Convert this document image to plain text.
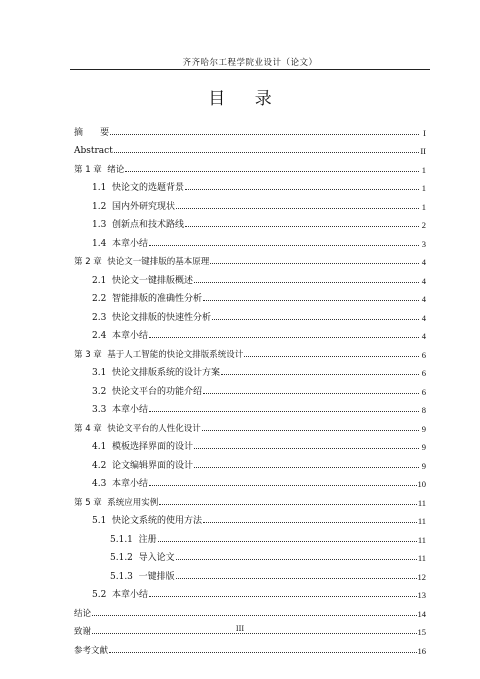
齐齐哈尔工程学院业设计（论文）
目 录
摘      要	I
Abstract	II
第 1 章  绪论	1
1.1  快论文的选题背景	1
1.2  国内外研究现状	1
1.3  创新点和技术路线	2
1.4  本章小结	3
第 2 章  快论文一键排版的基本原理	4
2.1  快论文一键排版概述	4
2.2  智能排版的准确性分析	4
2.3  快论文排版的快速性分析	4
2.4  本章小结	4
第 3 章  基于人工智能的快论文排版系统设计	6
3.1  快论文排版系统的设计方案	6
3.2  快论文平台的功能介绍	6
3.3  本章小结	8
第 4 章  快论文平台的人性化设计	9
4.1  模板选择界面的设计	9
4.2  论文编辑界面的设计	9
4.3  本章小结	10
第 5 章  系统应用实例	11
5.1  快论文系统的使用方法	11
5.1.1  注册	11
5.1.2  导入论文	11
5.1.3  一键排版	12
5.2  本章小结	13
结论	14
致谢	15
参考文献	16
III
